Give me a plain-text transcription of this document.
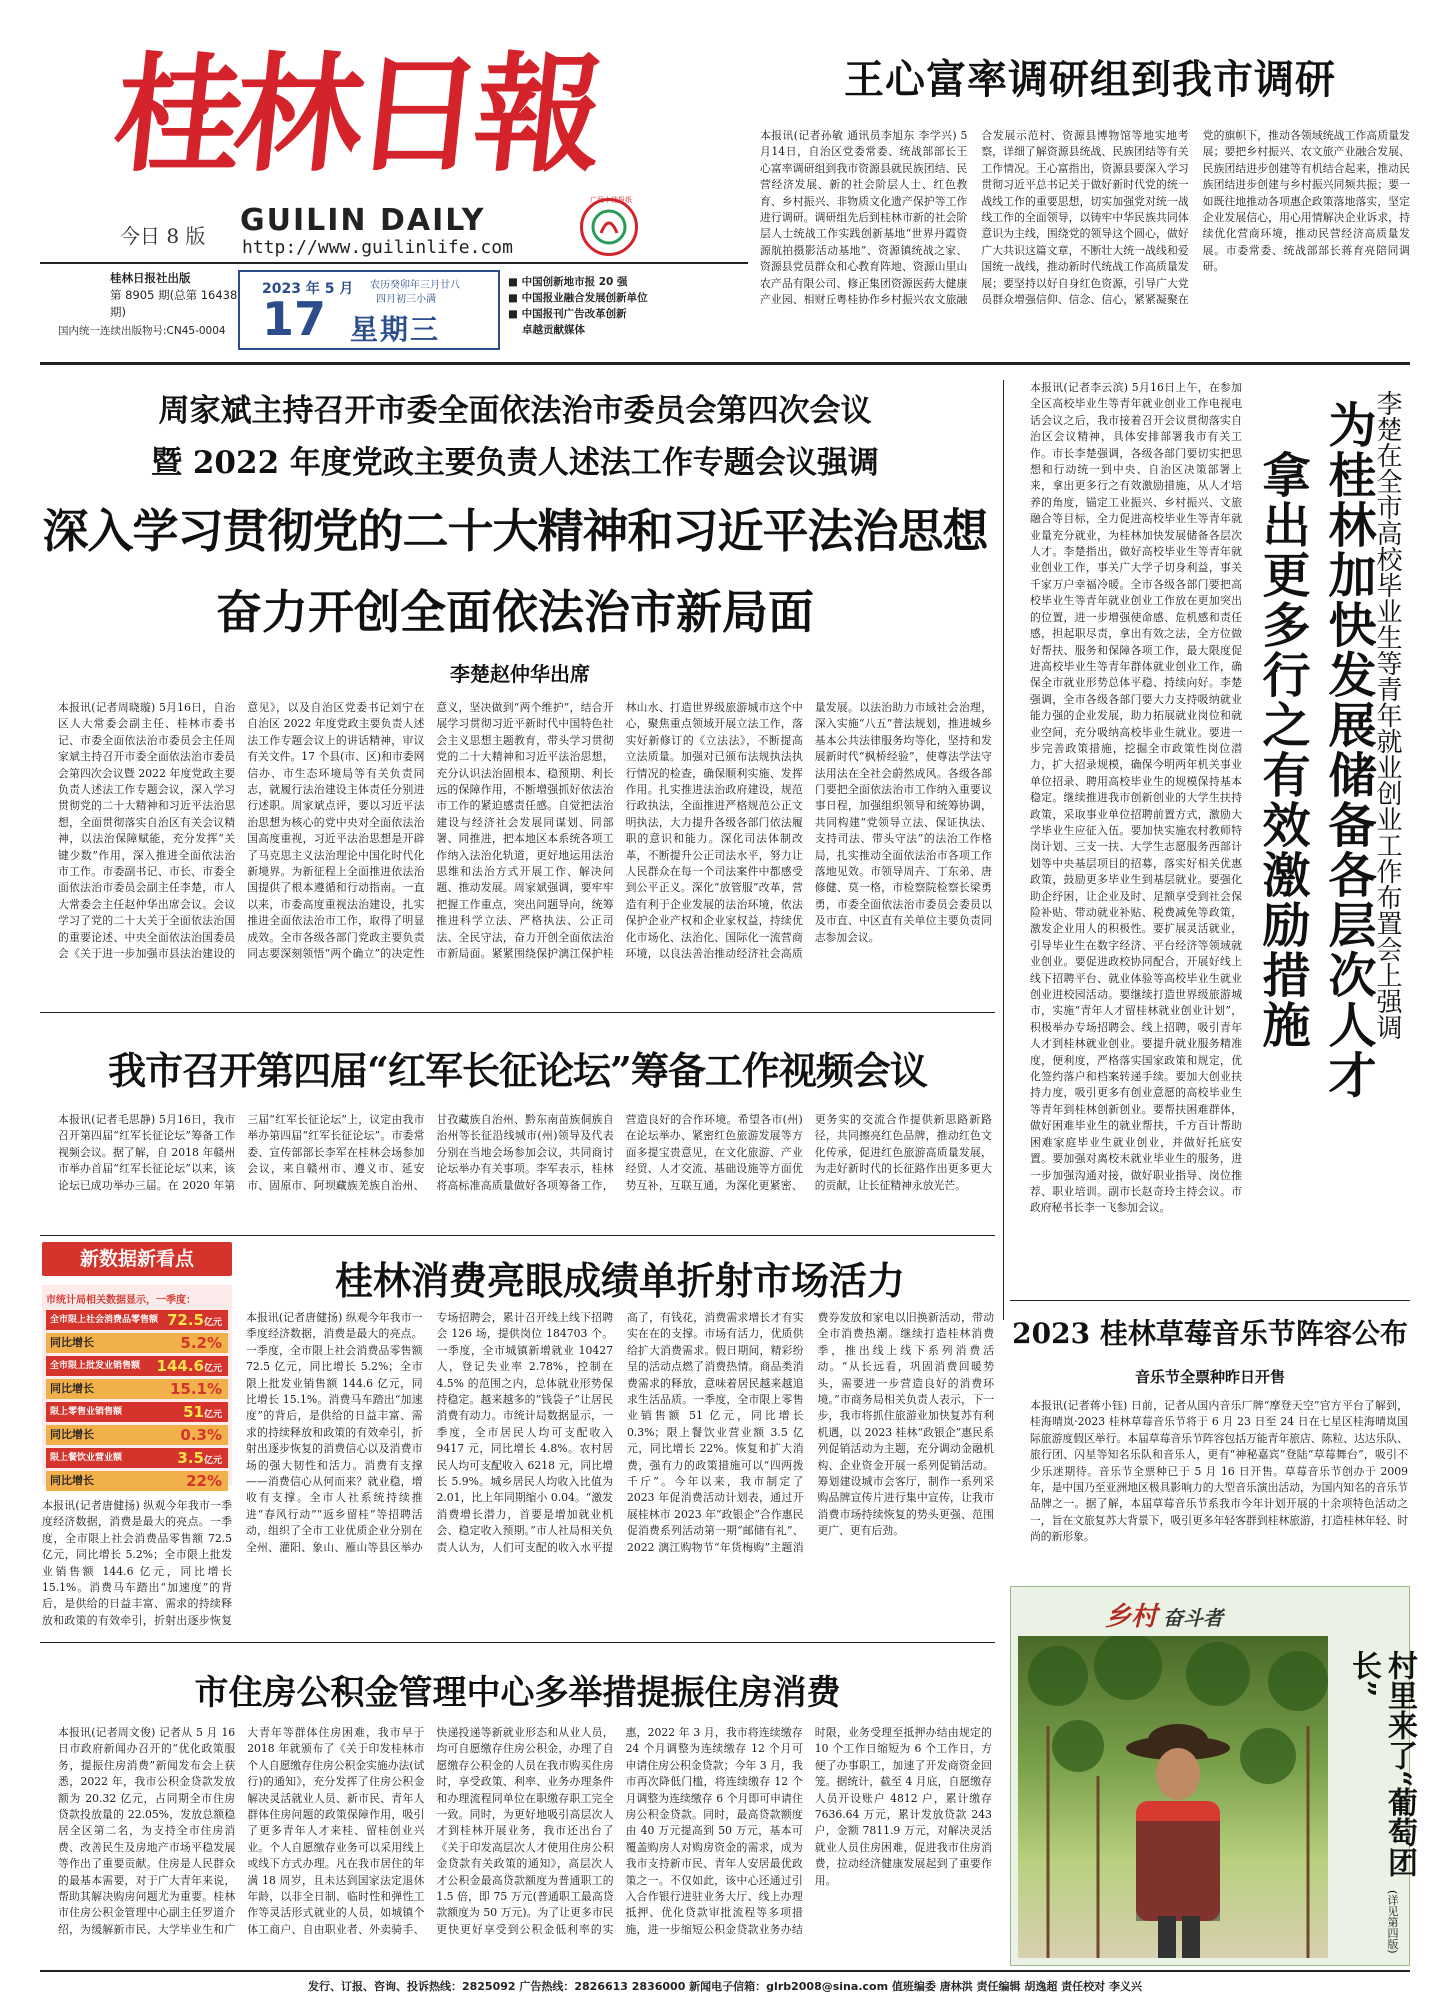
桂林日報
GUILIN DAILY
http://www.guilinlife.com
今日 8 版
广西十佳报纸
桂林日报社出版
第 8905 期(总第 16438 期)
国内统一连续出版物号:CN45-0004
2023 年 5 月
17
农历癸卯年三月廿八
四月初三小满
星期三
■ 中国创新地市报 20 强
■ 中国报业融合发展创新单位
■ 中国报刊广告改革创新
卓越贡献媒体
王心富率调研组到我市调研
本报讯(记者孙敏 通讯员李旭东 李学兴) 5月14日，自治区党委常委、统战部部长王心富率调研组到我市资源县就民族团结、民营经济发展、新的社会阶层人士、红色教育、乡村振兴、非物质文化遗产保护等工作进行调研。调研组先后到桂林市新的社会阶层人士统战工作实践创新基地“世界丹霞资源航拍摄影活动基地”、资源镇统战之家、资源县党员群众和心教育阵地、资源山里山农产品有限公司、修正集团资源医药大健康产业园、相财丘粤桂协作乡村振兴农文旅融合发展示范村、资源县博物馆等地实地考察，详细了解资源县统战、民族团结等有关工作情况。王心富指出，资源县要深入学习贯彻习近平总书记关于做好新时代党的统一战线工作的重要思想，切实加强党对统一战线工作的全面领导，以铸牢中华民族共同体意识为主线，围绕党的领导这个圆心，做好广大共识这篇文章，不断壮大统一战线和爱国统一战线，推动新时代统战工作高质量发展；要坚持以好自身红色资源，引导广大党员群众增强信仰、信念、信心，紧紧凝聚在党的旗帜下，推动各领域统战工作高质量发展；要把乡村振兴、农文旅产业融合发展、民族团结进步创建等有机结合起来，推动民族团结进步创建与乡村振兴同频共振；要一如既往地推动各项惠企政策落地落实，坚定企业发展信心，用心用情解决企业诉求，持续优化营商环境，推动民营经济高质量发展。市委常委、统战部部长蒋育亮陪同调研。
周家斌主持召开市委全面依法治市委员会第四次会议
暨 2022 年度党政主要负责人述法工作专题会议强调
深入学习贯彻党的二十大精神和习近平法治思想
奋力开创全面依法治市新局面
李楚赵仲华出席
本报讯(记者周晓璇) 5月16日，自治区人大常委会副主任、桂林市委书记、市委全面依法治市委员会主任周家斌主持召开市委全面依法治市委员会第四次会议暨 2022 年度党政主要负责人述法工作专题会议，深入学习贯彻党的二十大精神和习近平法治思想，全面贯彻落实自治区有关会议精神，以法治保障赋能，充分发挥“关键少数”作用，深入推进全面依法治市工作。市委副书记、市长、市委全面依法治市委员会副主任李楚，市人大常委会主任赵仲华出席会议。会议学习了党的二十大关于全面依法治国的重要论述、中央全面依法治国委员会《关于进一步加强市县法治建设的意见》，以及自治区党委书记刘宁在自治区 2022 年度党政主要负责人述法工作专题会议上的讲话精神，审议有关文件。17 个县(市、区)和市委网信办、市生态环境局等有关负责同志，就履行法治建设主体责任分别进行述职。周家斌点评，要以习近平法治思想为核心的党中央对全面依法治国高度重视，习近平法治思想是开辟了马克思主义法治理论中国化时代化新境界。为新征程上全面推进依法治国提供了根本遵循和行动指南。一直以来，市委高度重视法治建设，扎实推进全面依法治市工作，取得了明显成效。全市各级各部门党政主要负责同志要深刻领悟“两个确立”的决定性意义，坚决做到“两个维护”，结合开展学习贯彻习近平新时代中国特色社会主义思想主题教育，带头学习贯彻党的二十大精神和习近平法治思想，充分认识法治固根本、稳预期、利长远的保障作用，不断增强抓好依法治市工作的紧迫感责任感。自觉把法治建设与经济社会发展同谋划、同部署、同推进，把本地区本系统各项工作纳入法治化轨道，更好地运用法治思维和法治方式开展工作、解决问题、推动发展。周家斌强调，要牢牢把握工作重点，突出问题导向，统筹推进科学立法、严格执法、公正司法、全民守法，奋力开创全面依法治市新局面。紧紧围绕保护漓江保护桂林山水、打造世界级旅游城市这个中心，聚焦重点领域开展立法工作，落实好新修订的《立法法》，不断提高立法质量。加强对已颁布法规执法执行情况的检查，确保顺利实施、发挥作用。扎实推进法治政府建设，规范行政执法，全面推进严格规范公正文明执法，大力提升各级各部门依法履职的意识和能力。深化司法体制改革，不断提升公正司法水平，努力让人民群众在每一个司法案件中都感受到公平正义。深化“放管服”改革，营造有利于企业发展的法治环境，依法保护企业产权和企业家权益，持续优化市场化、法治化、国际化一流营商环境，以良法善治推动经济社会高质量发展。以法治助力市域社会治理，深入实施“八五”普法规划，推进城乡基本公共法律服务均等化，坚持和发展新时代“枫桥经验”，使尊法学法守法用法在全社会蔚然成风。各级各部门要把全面依法治市工作纳入重要议事日程，加强组织领导和统筹协调，共同构建“党领导立法、保证执法、支持司法、带头守法”的法治工作格局，扎实推动全面依法治市各项工作落地见效。市领导周卉、丁东弟、唐修健、莫一格，市检察院检察长梁勇勇，市委全面依法治市委员会委员以及市直、中区直有关单位主要负责同志参加会议。
本报讯(记者李云滨) 5月16日上午，在参加全区高校毕业生等青年就业创业工作电视电话会议之后，我市接着召开会议贯彻落实自治区会议精神，具体安排部署我市有关工作。市长李楚强调，各级各部门要切实把思想和行动统一到中央、自治区决策部署上来，拿出更多行之有效激励措施，从人才培养的角度，锚定工业振兴、乡村振兴、文旅融合等目标，全力促进高校毕业生等青年就业量充分就业，为桂林加快发展储备各层次人才。李楚指出，做好高校毕业生等青年就业创业工作，事关广大学子切身利益，事关千家万户幸福冷暖。全市各级各部门要把高校毕业生等青年就业创业工作放在更加突出的位置，进一步增强使命感、危机感和责任感，担起职尽责，拿出有效之法，全方位做好帮扶、服务和保障各项工作，最大限度促进高校毕业生等青年群体就业创业工作，确保全市就业形势总体平稳、持续向好。李楚强调，全市各级各部门要大力支持吸纳就业能力强的企业发展，助力拓展就业岗位和就业空间，充分吸纳高校毕业生就业。要进一步完善政策措施，挖掘全市政策性岗位潜力，扩大招录规模，确保今明两年机关事业单位招录、聘用高校毕业生的规模保持基本稳定。继续推进我市创新创业的大学生扶持政策，采取事业单位招聘前置方式，激励大学毕业生应征入伍。要加快实施农村教师特岗计划、三支一扶、大学生志愿服务西部计划等中央基层项目的招募，落实好相关优惠政策，鼓励更多毕业生到基层就业。要强化助企纾困，让企业及时、足额享受到社会保险补贴、带动就业补贴、税费减免等政策，激发企业用人的积极性。要扩展灵活就业，引导毕业生在数字经济、平台经济等领域就业创业。要促进政校协同配合，开展好线上线下招聘平台、就业体验等高校毕业生就业创业进校园活动。要继续打造世界级旅游城市，实施“青年人才留桂林就业创业计划”，积极举办专场招聘会、线上招聘，吸引青年人才到桂林就业创业。要提升就业服务精准度，便利度，严格落实国家政策和规定，优化签约落户和档案转递手续。要加大创业扶持力度，吸引更多有创业意愿的高校毕业生等青年到桂林创新创业。要帮扶困难群体，做好困难毕业生的就业帮扶，千方百计帮助困难家庭毕业生就业创业，并做好托底安置。要加强对离校未就业毕业生的服务，进一步加强沟通对接，做好职业指导、岗位推荐、职业培训。副市长赵奇玲主持会议。市政府秘书长李一飞参加会议。
拿出更多行之有效激励措施 为桂林加快发展储备各层次人才
李楚在全市高校毕业生等青年就业创业工作布置会上强调
我市召开第四届“红军长征论坛”筹备工作视频会议
本报讯(记者毛思静) 5月16日，我市召开第四届“红军长征论坛”筹备工作视频会议。据了解，自 2018 年赣州市举办首届“红军长征论坛”以来，该论坛已成功举办三届。在 2020 年第三届“红军长征论坛”上，议定由我市举办第四届“红军长征论坛”。市委常委、宣传部部长李军在桂林会场参加会议，来自赣州市、遵义市、延安市、固原市、阿坝藏族羌族自治州、甘孜藏族自治州、黔东南苗族侗族自治州等长征沿线城市(州)领导及代表分别在当地会场参加会议，共同商讨论坛举办有关事项。李军表示，桂林将高标准高质量做好各项筹备工作，营造良好的合作环境。希望各市(州)在论坛举办、紧密红色旅游发展等方面多提宝贵意见，在文化旅游、产业经贸、人才交流、基础设施等方面优势互补，互联互通，为深化更紧密、更务实的交流合作提供新思路新路径，共同擦亮红色品牌，推动红色文化传承，促进红色旅游高质量发展，为走好新时代的长征路作出更多更大的贡献，让长征精神永放光芒。
新数据新看点	桂林消费亮眼成绩单折射市场活力
市统计局相关数据显示，一季度：
全市限上社会消费品零售额 72.5亿元
同比增长	5.2%
全市限上批发业销售额 144.6亿元
同比增长	15.1%
限上零售业销售额	51亿元
同比增长	0.3%
限上餐饮业营业额	3.5亿元
同比增长	22%
本报讯(记者唐健扬) 纵观今年我市一季度经济数据，消费是最大的亮点。一季度，全市限上社会消费品零售额 72.5 亿元，同比增长 5.2%；全市限上批发业销售额 144.6 亿元，同比增长 15.1%。消费马车踏出“加速度”的背后，是供给的日益丰富、需求的持续释放和政策的有效牵引，折射出逐步恢复
本报讯(记者唐健扬) 纵观今年我市一季度经济数据，消费是最大的亮点。一季度，全市限上社会消费品零售额 72.5 亿元，同比增长 5.2%；全市限上批发业销售额 144.6 亿元，同比增长 15.1%。消费马车踏出“加速度”的背后，是供给的日益丰富、需求的持续释放和政策的有效牵引，折射出逐步恢复的消费信心以及消费市场的强大韧性和活力。消费有支撑——消费信心从何而来？就业稳，增收有支撑。全市人社系统持续推进“春风行动”“返乡留桂”等招聘活动，组织了全市工业优质企业分别在全州、灌阳、象山、雁山等县区举办专场招聘会，累计召开线上线下招聘会 126 场，提供岗位 184703 个。一季度，全市城镇新增就业 10427 人，登记失业率 2.78%，控制在 4.5% 的范围之内，总体就业形势保持稳定。越来越多的“钱袋子”让居民消费有动力。市统计局数据显示，一季度，全市居民人均可支配收入 9417 元，同比增长 4.8%。农村居民人均可支配收入 6218 元，同比增长 5.9%。城乡居民人均收入比值为 2.01，比上年同期缩小 0.04。“激发消费增长潜力，首要是增加就业机会、稳定收入预期。”市人社局相关负责人认为，人们可支配的收入水平提高了，有钱花，消费需求增长才有实实在在的支撑。市场有活力，优质供给扩大消费需求。假日期间，精彩纷呈的活动点燃了消费热情。商品类消费需求的释放，意味着居民越来越追求生活品质。一季度，全市限上零售业销售额 51 亿元，同比增长 0.3%；限上餐饮业营业额 3.5 亿元，同比增长 22%。恢复和扩大消费，强有力的政策措施可以“四两拨千斤”。今年以来，我市制定了 2023 年促消费活动计划表，通过开展桂林市 2023 年“政银企”合作惠民促消费系列活动第一期“邮储有礼”、2022 漓江购物节“年货梅购”主题消费券发放和家电以旧换新活动，带动全市消费热潮。继续打造桂林消费季，推出线上线下系列消费活动。“从长远看，巩固消费回暖势头，需要进一步营造良好的消费环境。”市商务局相关负责人表示，下一步，我市将抓住旅游业加快复苏有利机遇，以 2023 桂林“政银企”惠民系列促销活动为主题，充分调动金融机构、企业资金开展一系列促销活动。筹划建设城市会客厅，制作一系列采购品牌宣传片进行集中宣传，让我市消费市场持续恢复的势头更强、范围更广、更有后劲。
2023 桂林草莓音乐节阵容公布
音乐节全票种昨日开售
本报讯(记者蒋小钰) 日前，记者从国内音乐厂牌“摩登天空”官方平台了解到，桂海晴岚·2023 桂林草莓音乐节将于 6 月 23 日至 24 日在七星区桂海晴岚国际旅游度假区举行。本届草莓音乐节阵容包括万能青年旅店、陈粒、达达乐队、旅行团、闪星等知名乐队和音乐人，更有“神秘嘉宾”登陆“草莓舞台”，吸引不少乐迷期待。音乐节全票种已于 5 月 16 日开售。草莓音乐节创办于 2009 年，是中国乃至亚洲地区极具影响力的大型音乐演出活动，为国内知名的音乐节品牌之一。据了解，本届草莓音乐节系我市今年计划开展的十余项特色活动之一，旨在文旅复苏大背景下，吸引更多年轻客群到桂林旅游，打造桂林年轻、时尚的新形象。
乡村 奋斗者
村里来了“葡萄团长”
(详见第四版)
市住房公积金管理中心多举措提振住房消费
本报讯(记者周文俊) 记者从 5 月 16 日市政府新闻办召开的“优化政策服务，提振住房消费”新闻发布会上获悉，2022 年，我市公积金贷款发放额为 20.32 亿元，占同期全市住房贷款投放量的 22.05%，发放总额稳居全区第二名，为支持全市住房消费、改善民生及房地产市场平稳发展等作出了重要贡献。住房是人民群众的最基本需要，对于广大青年来说，帮助其解决购房问题尤为重要。桂林市住房公积金管理中心副主任罗道介绍，为缓解新市民、大学毕业生和广大青年等群体住房困难，我市早于 2018 年就颁布了《关于印发桂林市个人自愿缴存住房公积金实施办法(试行)的通知》，充分发挥了住房公积金解决灵活就业人员、新市民、青年人群体住房问题的政策保障作用，吸引了更多青年人才来桂、留桂创业兴业。个人自愿缴存业务可以采用线上或线下方式办理。凡在我市居住的年满 18 周岁，且未达到国家法定退休年龄，以非全日制、临时性和弹性工作等灵活形式就业的人员，如城镇个体工商户、自由职业者、外卖骑手、快递投递等新就业形态和从业人员，均可自愿缴存住房公积金，办理了自愿缴存公积金的人员在我市购买住房时，享受政策、利率、业务办理条件和办理流程同单位在职缴存职工完全一致。同时，为更好地吸引高层次人才到桂林开展业务，我市还出台了《关于印发高层次人才使用住房公积金贷款有关政策的通知》，高层次人才公积金最高贷款额度为普通职工的 1.5 倍，即 75 万元(普通职工最高贷款额度为 50 万元)。为了让更多市民更快更好享受到公积金低利率的实惠，2022 年 3 月，我市将连续缴存 24 个月调整为连续缴存 12 个月可申请住房公积金贷款；今年 3 月，我市再次降低门槛，将连续缴存 12 个月调整为连续缴存 6 个月即可申请住房公积金贷款。同时，最高贷款额度由 40 万元提高到 50 万元，基本可覆盖购房人对购房资金的需求，成为我市支持新市民、青年人安居最优政策之一。不仅如此，该中心还通过引入合作银行进驻业务大厅、线上办理抵押、优化贷款审批流程等多项措施，进一步缩短公积金贷款业务办结时限，业务受理至抵押办结由规定的 10 个工作日缩短为 6 个工作日，方便了办事职工，加速了开发商资金回笼。据统计，截至 4 月底，自愿缴存人员开设账户 4812 户，累计缴存 7636.64 万元，累计发放贷款 243 户，金额 7811.9 万元，对解决灵活就业人员住房困难，促进我市住房消费，拉动经济健康发展起到了重要作用。
发行、订报、咨询、投诉热线：2825092 广告热线：2826613 2836000 新闻电子信箱：glrb2008@sina.com 值班编委 唐林洪 责任编辑 胡逸超 责任校对 李义兴
